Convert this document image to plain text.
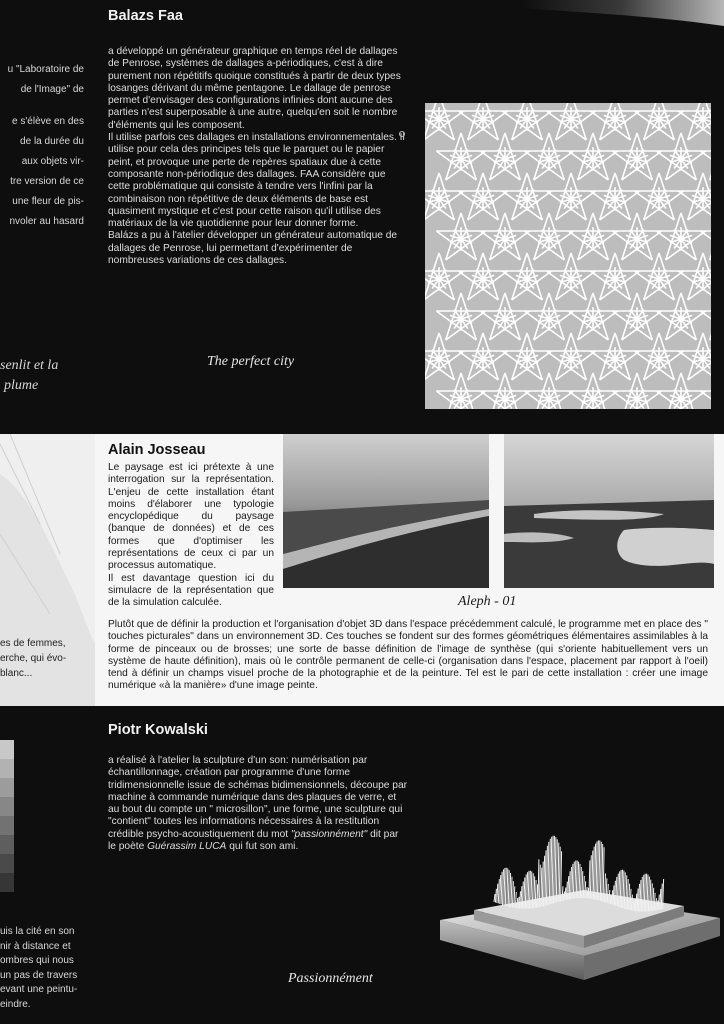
Balazs Faa

a développé un générateur graphique en temps réel de dallages de Penrose, systèmes de dallages a-périodiques, c'est à dire purement non répétitifs quoique constitués à partir de deux types losanges dérivant du même pentagone. Le dallage de penrose permet d'envisager des configurations infinies dont aucune des parties n'est superposable à une autre, quelqu'en soit le nombre d'éléments qui les composent.

Il utilise parfois ces dallages en installations environnementales. Il utilise pour cela des principes tels que le parquet ou le papier peint, et provoque une perte de repères spatiaux due à cette composante non-périodique des dallages. FAA considère que cette problématique qui consiste à tendre vers l'infini par la combinaison non répétitive de deux éléments de base est quasiment mystique et c'est pour cette raison qu'il utilise des matériaux de la vie quotidienne pour leur donner forme.

Balázs a pu à l'atelier développer un générateur automatique de dallages de Penrose, lui permettant d'expérimenter de nombreuses variations de ces dallages.

u "Laboratoire de
de l'Image" de
e s'élève en des
de la durée du
aux objets vir-
tre version de ce
une fleur de pis-
nvoler au hasard
senlit et la
plume
The perfect city
es de femmes,
erche, qui évo-
blanc...
Alain Josseau

Le paysage est ici prétexte à une interrogation sur la représentation. L'enjeu de cette installation étant moins d'élaborer une typologie encyclopédique du paysage (banque de données) et de ces formes que d'optimiser les représentations de ceux ci par un processus automatique.

Il est davantage question ici du simulacre de la représentation que de la simulation calculée.	Aleph - 01
Plutôt que de définir la production et l'organisation d'objet 3D dans l'espace précédemment calculé, le programme met en place des " touches picturales" dans un environnement 3D. Ces touches se fondent sur des formes géométriques élémentaires assimilables à la forme de pinceaux ou de brosses; une sorte de basse définition de l'image de synthèse (qui s'oriente habituellement vers un système de haute définition), mais où le contrôle permanent de celle-ci (organisation dans l'espace, placement par rapport à l'oeil) tend à définir un champs visuel proche de la photographie et de la peinture. Tel est le pari de cette installation : créer une image numérique «à la manière» d'une image peinte.
Piotr Kowalski
a réalisé à l'atelier la sculpture d'un son: numérisation par échantillonnage, création par programme d'une forme tridimensionnelle issue de schémas bidimensionnels, découpe par machine à commande numérique dans des plaques de verre, et au bout du compte un " microsillon", une forme, une sculpture qui "contient" toutes les informations nécessaires à la restitution crédible psycho-acoustiquement du mot "passionnément" dit par le poète Guérassim LUCA qui fut son ami.
uis la cité en son
nir à distance et
ombres qui nous
un pas de travers
evant une peintu-
eindre.
Passionnément
